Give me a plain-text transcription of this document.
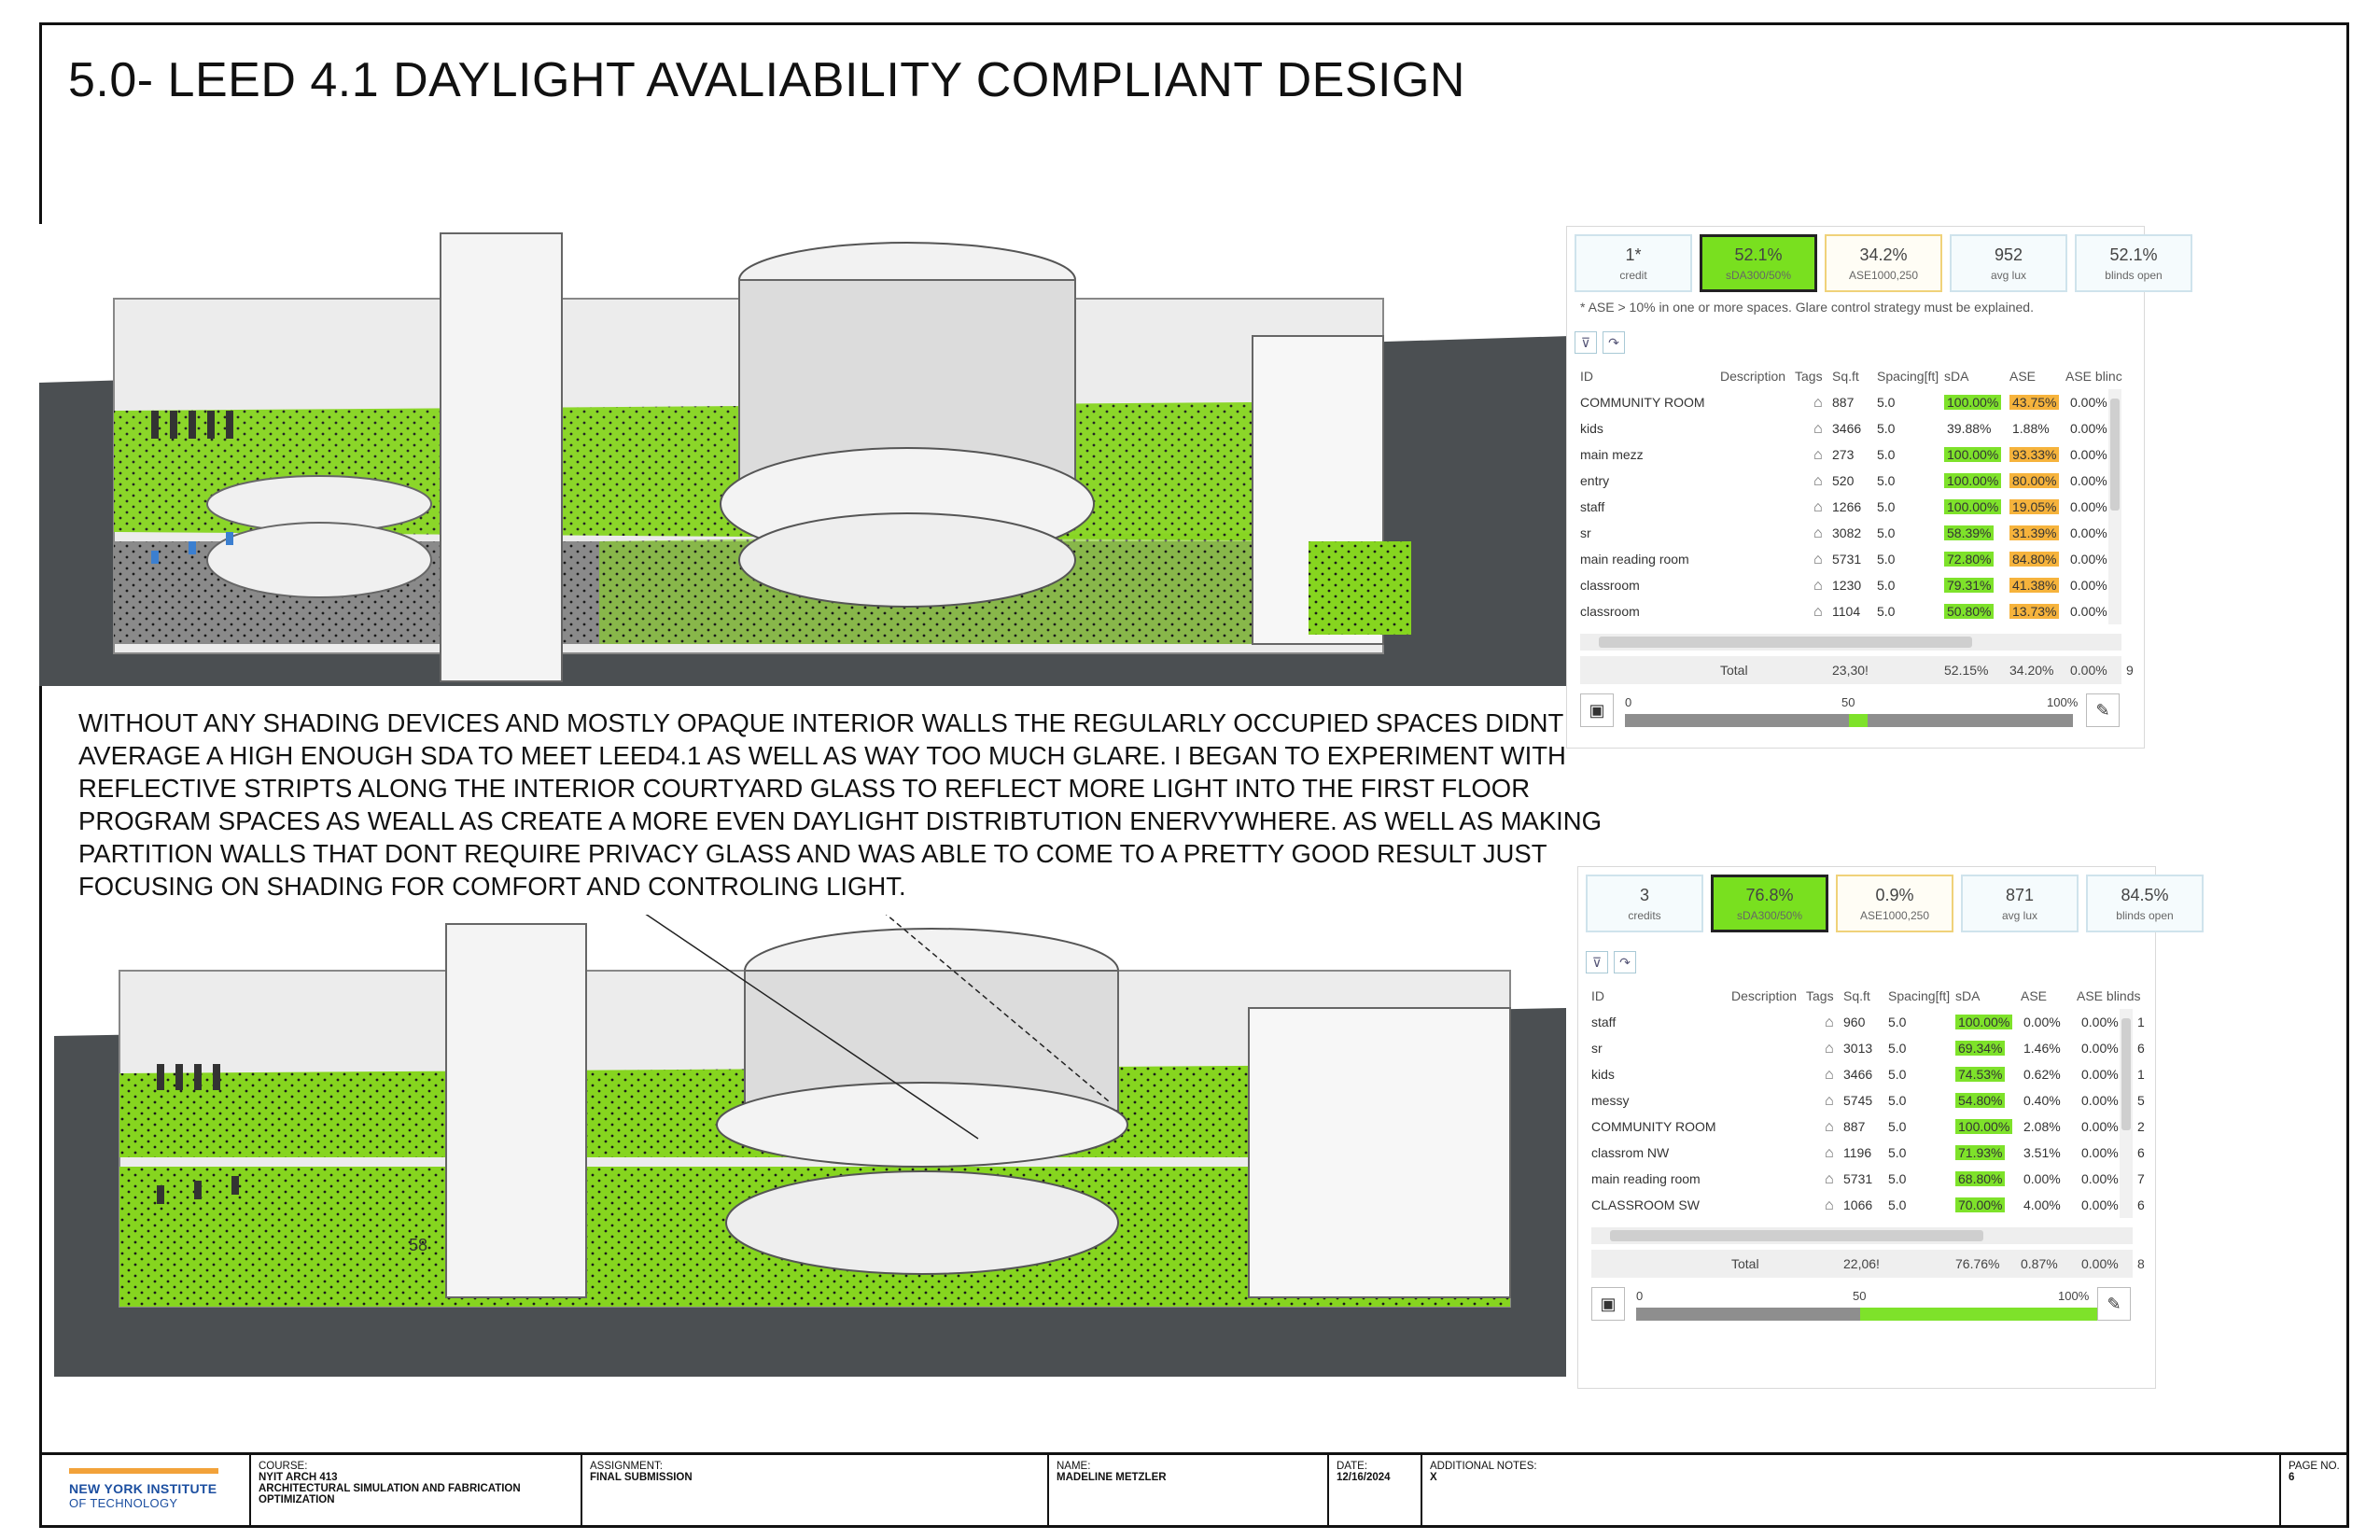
5.0- LEED 4.1 DAYLIGHT AVALIABILITY COMPLIANT DESIGN
58
WITHOUT ANY SHADING DEVICES AND MOSTLY OPAQUE INTERIOR WALLS THE REGULARLY OCCUPIED SPACES DIDNT AVERAGE A HIGH ENOUGH SDA TO MEET LEED4.1 AS WELL AS WAY TOO MUCH GLARE. I BEGAN TO EXPERIMENT WITH REFLECTIVE STRIPTS ALONG THE INTERIOR COURTYARD GLASS TO REFLECT MORE LIGHT INTO THE FIRST FLOOR PROGRAM SPACES AS WEALL AS CREATE A MORE EVEN DAYLIGHT DISTRIBTUTION ENERVYWHERE. AS WELL AS MAKING PARTITION WALLS THAT DONT REQUIRE PRIVACY GLASS AND WAS ABLE TO COME TO A PRETTY GOOD RESULT JUST FOCUSING ON SHADING FOR COMFORT AND CONTROLING LIGHT.
1*
credit
52.1%
sDA300/50%
34.2%
ASE1000,250
952
avg lux
52.1%
blinds open
* ASE > 10% in one or more spaces. Glare control strategy must be explained.
⊽	↷
ID	Description Tags Sq.ft Spacing[ft] sDA	ASE ASE blinc
COMMUNITY ROOM	⌂ 887 5.0	100.00% 43.75% 0.00%
kids	⌂ 3466 5.0	39.88% 1.88% 0.00%
main mezz	⌂ 273 5.0	100.00% 93.33% 0.00%
entry	⌂ 520 5.0	100.00% 80.00% 0.00%
staff	⌂ 1266 5.0	100.00% 19.05% 0.00%
sr	⌂ 3082 5.0	58.39% 31.39% 0.00%
main reading room	⌂ 5731 5.0	72.80% 84.80% 0.00%
classroom	⌂ 1230 5.0	79.31% 41.38% 0.00%
classroom	⌂ 1104 5.0	50.80% 13.73% 0.00%
Total	23,30!	52.15% 34.20% 0.00% 9
▣	0	50	100%	✎
3
credits
76.8%
sDA300/50%
0.9%
ASE1000,250
871
avg lux
84.5%
blinds open
⊽	↷
ID	Description Tags Sq.ft Spacing[ft] sDA	ASE ASE blinds
staff	⌂ 960 5.0	100.00% 0.00% 0.00% 1
sr	⌂ 3013 5.0	69.34% 1.46% 0.00% 6
kids	⌂ 3466 5.0	74.53% 0.62% 0.00% 1
messy	⌂ 5745 5.0	54.80% 0.40% 0.00% 5
COMMUNITY ROOM	⌂ 887 5.0	100.00% 2.08% 0.00% 2
classrom NW	⌂ 1196 5.0	71.93% 3.51% 0.00% 6
main reading room	⌂ 5731 5.0	68.80% 0.00% 0.00% 7
CLASSROOM SW	⌂ 1066 5.0	70.00% 4.00% 0.00% 6
Total	22,06!	76.76% 0.87% 0.00% 8
▣	0	50	100%	✎
NEW YORK INSTITUTE
OF TECHNOLOGY
COURSE:
NYIT ARCH 413
ARCHITECTURAL SIMULATION AND FABRICATION OPTIMIZATION
ASSIGNMENT:
FINAL SUBMISSION
NAME:
MADELINE METZLER
DATE:
12/16/2024
ADDITIONAL NOTES:
X
PAGE NO.
6
